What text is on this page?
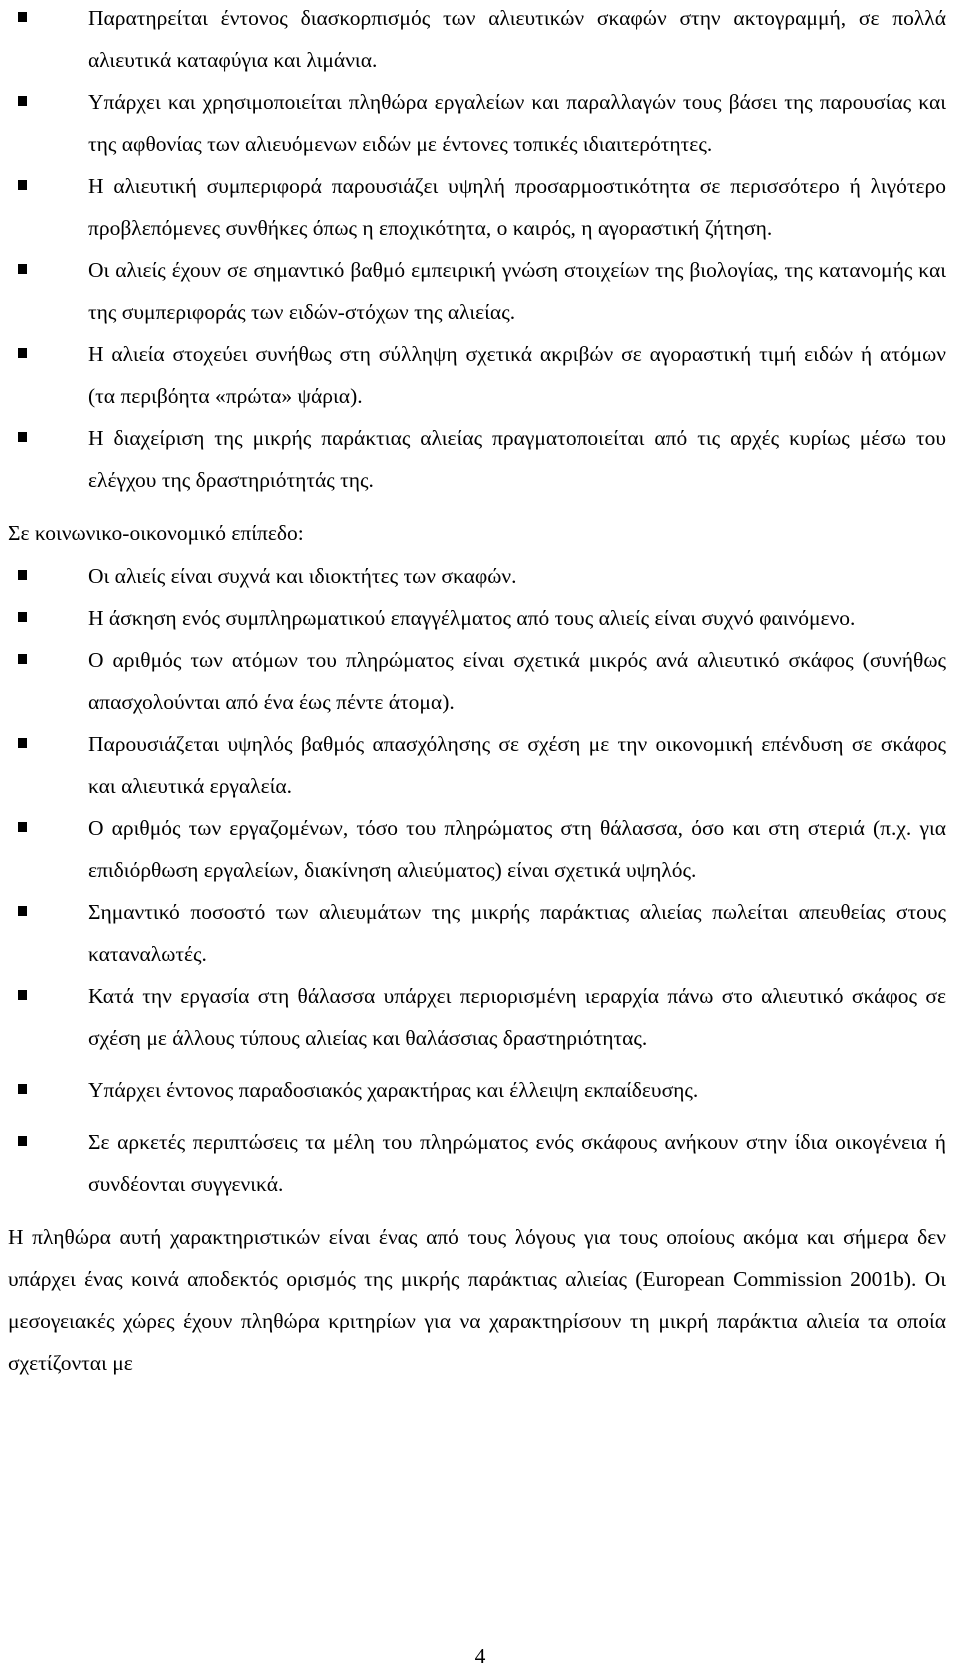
Παρατηρείται έντονος διασκορπισμός των αλιευτικών σκαφών στην ακτογραμμή, σε πολλά αλιευτικά καταφύγια και λιμάνια.
Υπάρχει και χρησιμοποιείται πληθώρα εργαλείων και παραλλαγών τους βάσει της παρουσίας και της αφθονίας των αλιευόμενων ειδών με έντονες τοπικές ιδιαιτερότητες.
Η αλιευτική συμπεριφορά παρουσιάζει υψηλή προσαρμοστικότητα σε περισσότερο ή λιγότερο προβλεπόμενες συνθήκες όπως η εποχικότητα, ο καιρός, η αγοραστική ζήτηση.
Οι αλιείς έχουν σε σημαντικό βαθμό εμπειρική γνώση στοιχείων της βιολογίας, της κατανομής και της συμπεριφοράς των ειδών-στόχων της αλιείας.
Η αλιεία στοχεύει συνήθως στη σύλληψη σχετικά ακριβών σε αγοραστική τιμή ειδών ή ατόμων (τα περιβόητα «πρώτα» ψάρια).
Η διαχείριση της μικρής παράκτιας αλιείας πραγματοποιείται από τις αρχές κυρίως μέσω του ελέγχου της δραστηριότητάς της.

Σε κοινωνικο-οικονομικό επίπεδο:

Οι αλιείς είναι συχνά και ιδιοκτήτες των σκαφών.
Η άσκηση ενός συμπληρωματικού επαγγέλματος από τους αλιείς είναι συχνό φαινόμενο.
Ο αριθμός των ατόμων του πληρώματος είναι σχετικά μικρός ανά αλιευτικό σκάφος (συνήθως απασχολούνται από ένα έως πέντε άτομα).
Παρουσιάζεται υψηλός βαθμός απασχόλησης σε σχέση με την οικονομική επένδυση σε σκάφος και αλιευτικά εργαλεία.
Ο αριθμός των εργαζομένων, τόσο του πληρώματος στη θάλασσα, όσο και στη στεριά (π.χ. για επιδιόρθωση εργαλείων, διακίνηση αλιεύματος) είναι σχετικά υψηλός.
Σημαντικό ποσοστό των αλιευμάτων της μικρής παράκτιας αλιείας πωλείται απευθείας στους καταναλωτές.
Κατά την εργασία στη θάλασσα υπάρχει περιορισμένη ιεραρχία πάνω στο αλιευτικό σκάφος σε σχέση με άλλους τύπους αλιείας και θαλάσσιας δραστηριότητας.
Υπάρχει έντονος παραδοσιακός χαρακτήρας και έλλειψη εκπαίδευσης.
Σε αρκετές περιπτώσεις τα μέλη του πληρώματος ενός σκάφους ανήκουν στην ίδια οικογένεια ή συνδέονται συγγενικά.

Η πληθώρα αυτή χαρακτηριστικών είναι ένας από τους λόγους για τους οποίους ακόμα και σήμερα δεν υπάρχει ένας κοινά αποδεκτός ορισμός της μικρής παράκτιας αλιείας (European Commission 2001b). Οι μεσογειακές χώρες έχουν πληθώρα κριτηρίων για να χαρακτηρίσουν τη μικρή παράκτια αλιεία τα οποία σχετίζονται με

4
